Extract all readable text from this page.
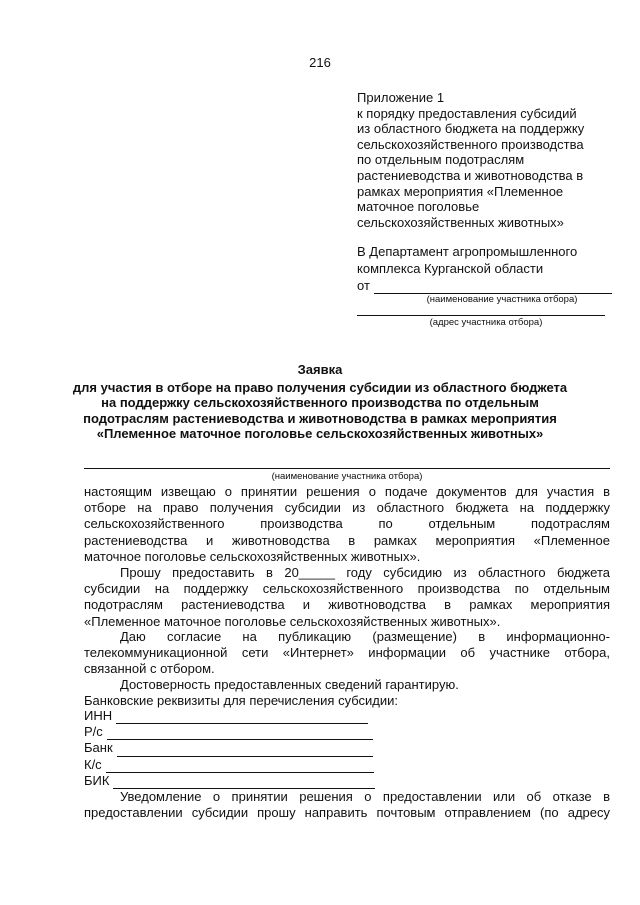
216
Приложение 1
к порядку предоставления субсидий
из областного бюджета на поддержку
сельскохозяйственного производства
по отдельным подотраслям
растениеводства и животноводства в
рамках мероприятия «Племенное
маточное поголовье
сельскохозяйственных животных»
В Департамент агропромышленного
комплекса Курганской области
от
(наименование участника отбора)
(адрес участника отбора)
Заявка
для участия в отборе на право получения субсидии из областного бюджета
на поддержку сельскохозяйственного производства по отдельным
подотраслям растениеводства и животноводства в рамках мероприятия
«Племенное маточное поголовье сельскохозяйственных животных»
(наименование участника отбора)
настоящим извещаю о принятии решения о подаче документов для участия в
отборе на право получения субсидии из областного бюджета на поддержку
сельскохозяйственного производства по отдельным подотраслям
растениеводства и животноводства в рамках мероприятия «Племенное
маточное поголовье сельскохозяйственных животных».
Прошу предоставить в 20_____ году субсидию из областного бюджета
субсидии на поддержку сельскохозяйственного производства по отдельным
подотраслям растениеводства и животноводства в рамках мероприятия
«Племенное маточное поголовье сельскохозяйственных животных».
Даю согласие на публикацию (размещение) в информационно-
телекоммуникационной сети «Интернет» информации об участнике отбора,
связанной с отбором.
Достоверность предоставленных сведений гарантирую.
Банковские реквизиты для перечисления субсидии:
ИНН
Р/с
Банк
К/с
БИК
Уведомление о принятии решения о предоставлении или об отказе в
предоставлении субсидии прошу направить почтовым отправлением (по адресу
